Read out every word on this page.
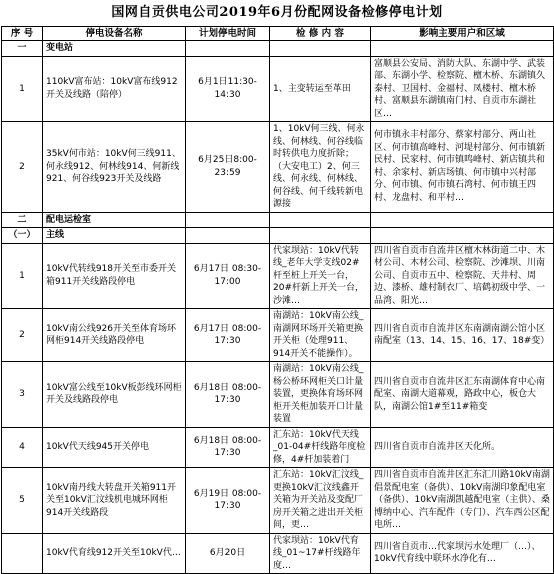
国网自贡供电公司2019年6月份配网设备检修停电计划
序 号	停电设备名称	计划停电时间	检 修 内 容	影响主要用户和区域
一	变电站			
1	110kV富布站：10kV富布线912开关及线路（陪停）	6月1日11:30-14:30	1、主变转运至革田	富顺县公安局、消防大队、东湖中学、武装部、东湖小学、检察院、檀木桥、东湖镇久泰村、卫国村、金福村、凤楼村、檀木桥村、富顺县东湖镇南门村、自贡市东湖社区…
2	35kV何市站：10kV何三线911、何永线912、何林线914、何新线921、何谷线923开关及线路	6月25日8:00-23:59	1、10kV何三线、何永线、何林线、何谷线临时转供电力度折除；（大安电工）2、何三线、何永线、何林线、何谷线、何千线转新电源接	何市镇永丰村部分、蔡家村部分、两山社区、何市镇高峰村、河堤村部分、何市镇新民村、民家村、何市镇鸣峰村、新店镇共和村、余家村、新店场镇、何市镇中兴村部分、何市镇、何市镇石湾村、何市镇王四村、龙盘村、和平村…
二	配电运检室			
（一）	主线			
1	10kV代转线918开关至市委开关箱911开关线路段停电	6月17日 08:30-17:00	代家坝站：10kV代转线_老年大学支线02#杆至桩上开关一台，20#杆新上开关一台，沙滩…	四川省自贡市自流井区檀木林街道二中、木材公司、木材公司、检察院、沙滩坝、川南公司、自贡市五中、检察院、天井村、周边、漆桥、雄村制衣厂、培鹤初级中学、一品湾、阳光…
2	10kV南公线926开关至体育场环网柜914开关线路段停电	6月17日 08:00-17:30	南湖站：10kV南公线_南湖网环场开关箱更换开关柜（处理911、914开关不能操作）。	四川省自贡市自流井区东南湖南湖公馆小区南配室（13、14、15、16、17、18#变）
3	10kV富公线至10kV板彭线环网柜开关及线路段停电	6月18日 08:00-17:30	南湖站：10kV南公线_杨公桥环网柜关口计量装置，更换体育场环网柜开关柜加装开口计量装置	四川省自贡市自流井区汇东南湖体育中心南配室、南湖大道幕观，路政中心，板仓大队，南湖公馆1#至11#箱变
4	10kV代天线945开关停电	6月18日 08:00-17:30	汇东站：10kV代天线_01-04#杆线路年度检修，4#杆加装着门	四川省自贡市自流井区天化所。
5	10kV南丹线大转盘开关箱911开关至10kV汇汶线机电城环网柜914开关线路段	6月19日 08:00-17:30	汇东站：10kV汇汶线_更换10kV汇汶线鑫开关箱为开关站及变配厂房开关箱之进出开关柜间，更…	四川省自贡市自流井区汇东汇川路10kV南湖倡景配电室（备供）、10kV南湖印象配电室（备供）、10kV南湖凯越配电室（主供）、桑博纳中心、汽车配件（专门）、汽车西公区配电所…
	10kV代育线912开关至10kV代…	6月20日	代家坝站：10kV代育线_01~17#杆线路年度…	四川省自贡市…代家坝污水处理厂（…）、10kV代育线中联环水净化有…
